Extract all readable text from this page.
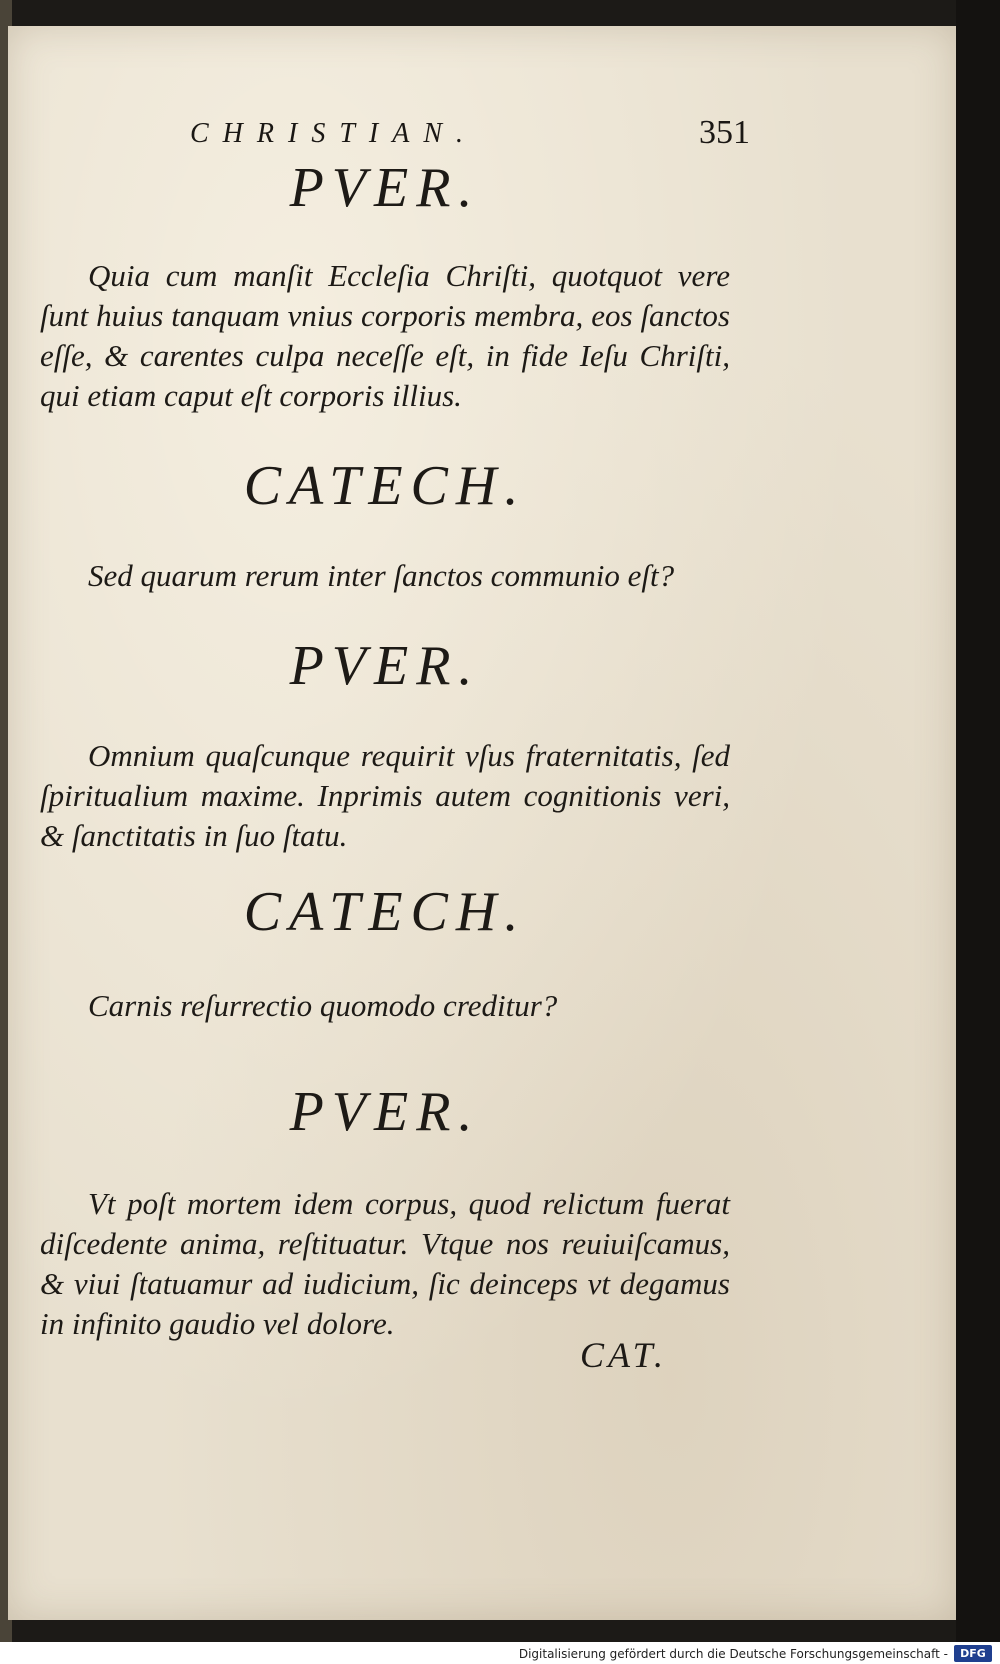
CHRISTIAN.	351

PVER.

Quia cum manſit Eccleſia Chriſti, quotquot vere ſunt huius tanquam vnius corporis membra, eos ſanctos eſſe, & carentes culpa neceſſe eſt, in fide Ieſu Chriſti, qui etiam caput eſt corporis illius.

CATECH.

Sed quarum rerum inter ſanctos communio eſt?

PVER.

Omnium quaſcunque requirit vſus fraternitatis, ſed ſpiritualium maxime. Inprimis autem cognitionis veri, & ſanctitatis in ſuo ſtatu.

CATECH.

Carnis reſurrectio quomodo creditur?

PVER.

Vt poſt mortem idem corpus, quod relictum fuerat diſcedente anima, reſtituatur. Vtque nos reuiuiſcamus, & viui ſtatuamur ad iudicium, ſic deinceps vt degamus in infinito gaudio vel dolore.

CAT.
Digitalisierung gefördert durch die Deutsche Forschungsgemeinschaft -	DFG
